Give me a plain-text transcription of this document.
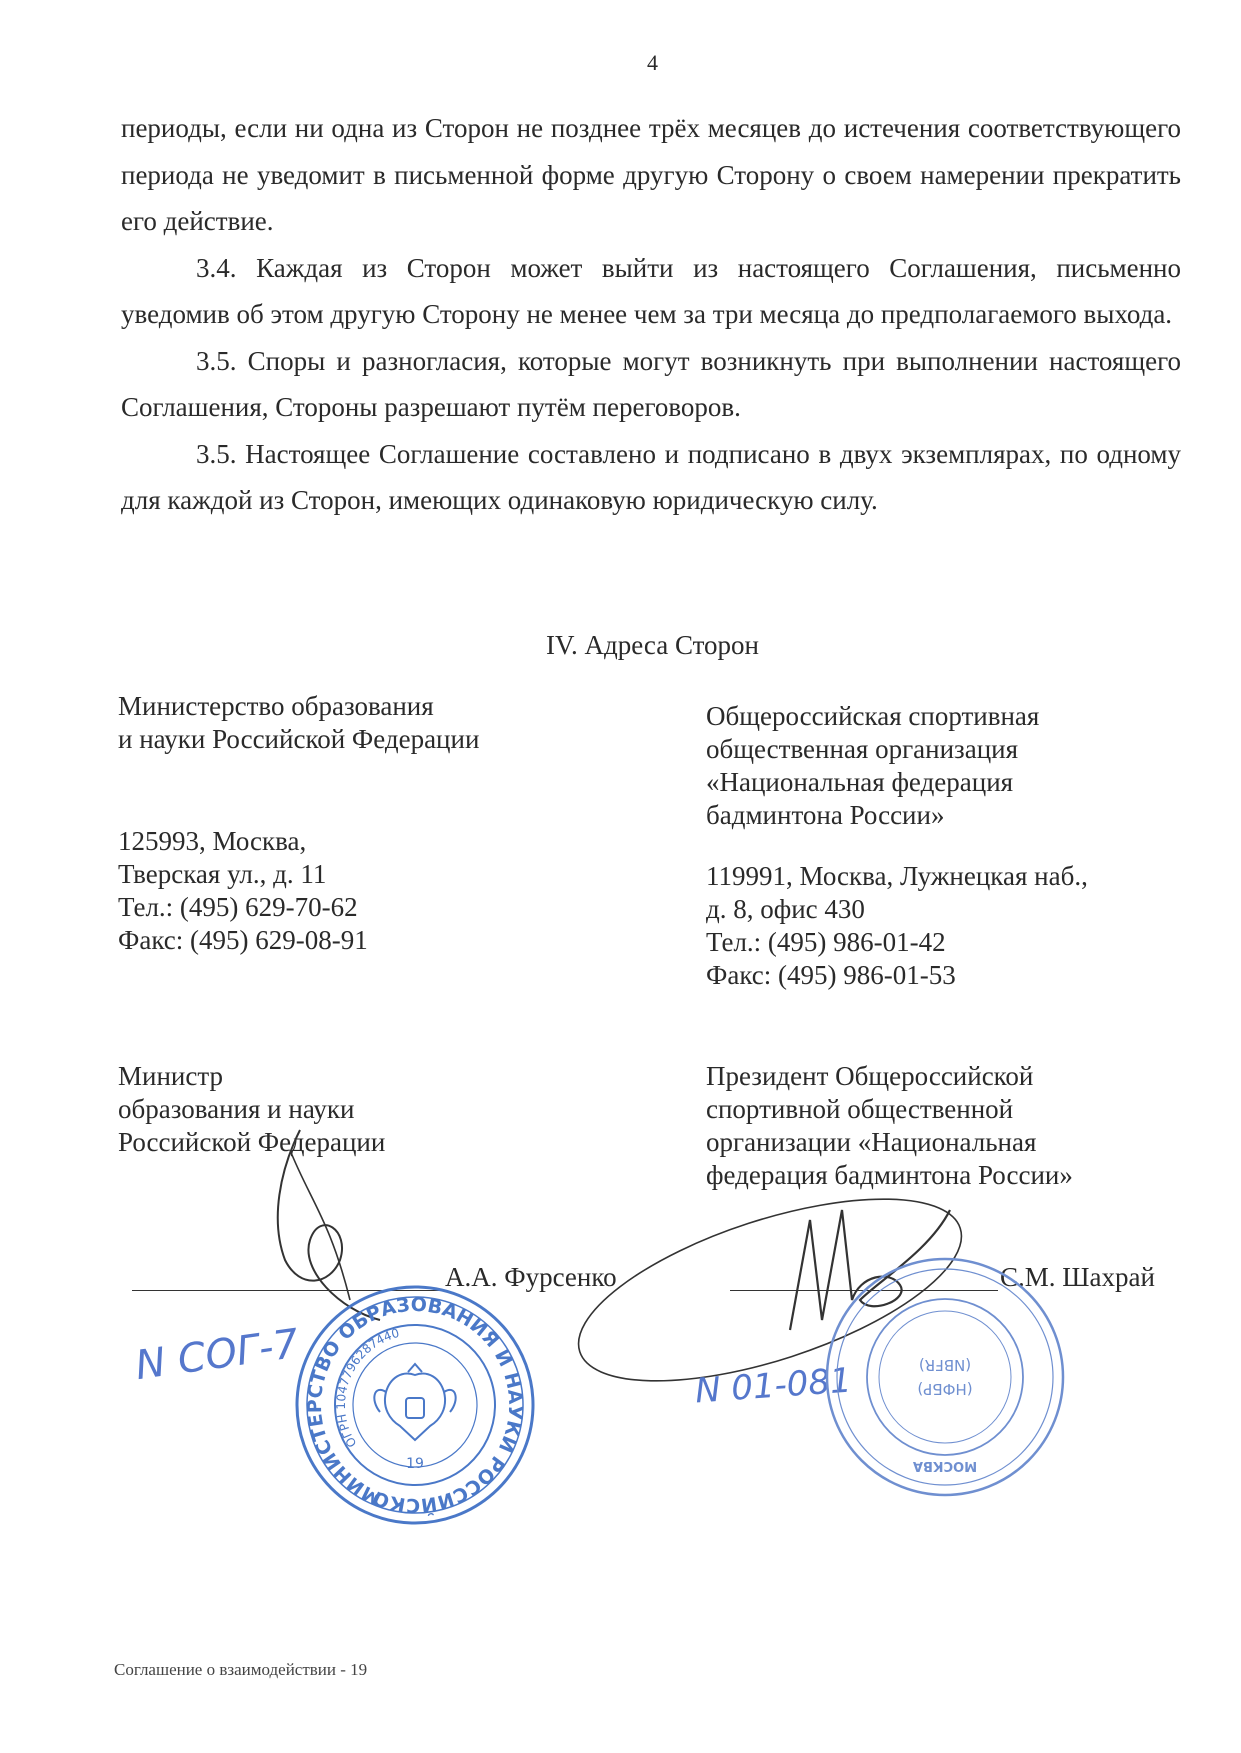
4

периоды, если ни одна из Сторон не позднее трёх месяцев до истечения соответствующего периода не уведомит в письменной форме другую Сторону о своем намерении прекратить его действие.

3.4. Каждая из Сторон может выйти из настоящего Соглашения, письменно уведомив об этом другую Сторону не менее чем за три месяца до предполагаемого выхода.

3.5. Споры и разногласия, которые могут возникнуть при выполнении настоящего Соглашения, Стороны разрешают путём переговоров.

3.5. Настоящее Соглашение составлено и подписано в двух экземплярах, по одному для каждой из Сторон, имеющих одинаковую юридическую силу.

IV. Адреса Сторон
Министерство образования
и науки Российской Федерации
125993, Москва,
Тверская ул., д. 11
Тел.: (495) 629-70-62
Факс: (495) 629-08-91
Министр
образования и науки
Российской Федерации
Общероссийская спортивная
общественная организация
«Национальная федерация
бадминтона России»
119991, Москва, Лужнецкая наб.,
д. 8, офис 430
Тел.: (495) 986-01-42
Факс: (495) 986-01-53
Президент Общероссийской
спортивной общественной
организации «Национальная
федерация бадминтона России»
А.А. Фурсенко	С.М. Шахрай
N СОГ-7	N 01-081
МИНИСТЕРСТВО ОБРАЗОВАНИЯ И НАУКИ РОССИЙСКОЙ
ОГРН 1047796287440
19
(НФБР)
(NBFR)
МОСКВА
Соглашение о взаимодействии - 19
